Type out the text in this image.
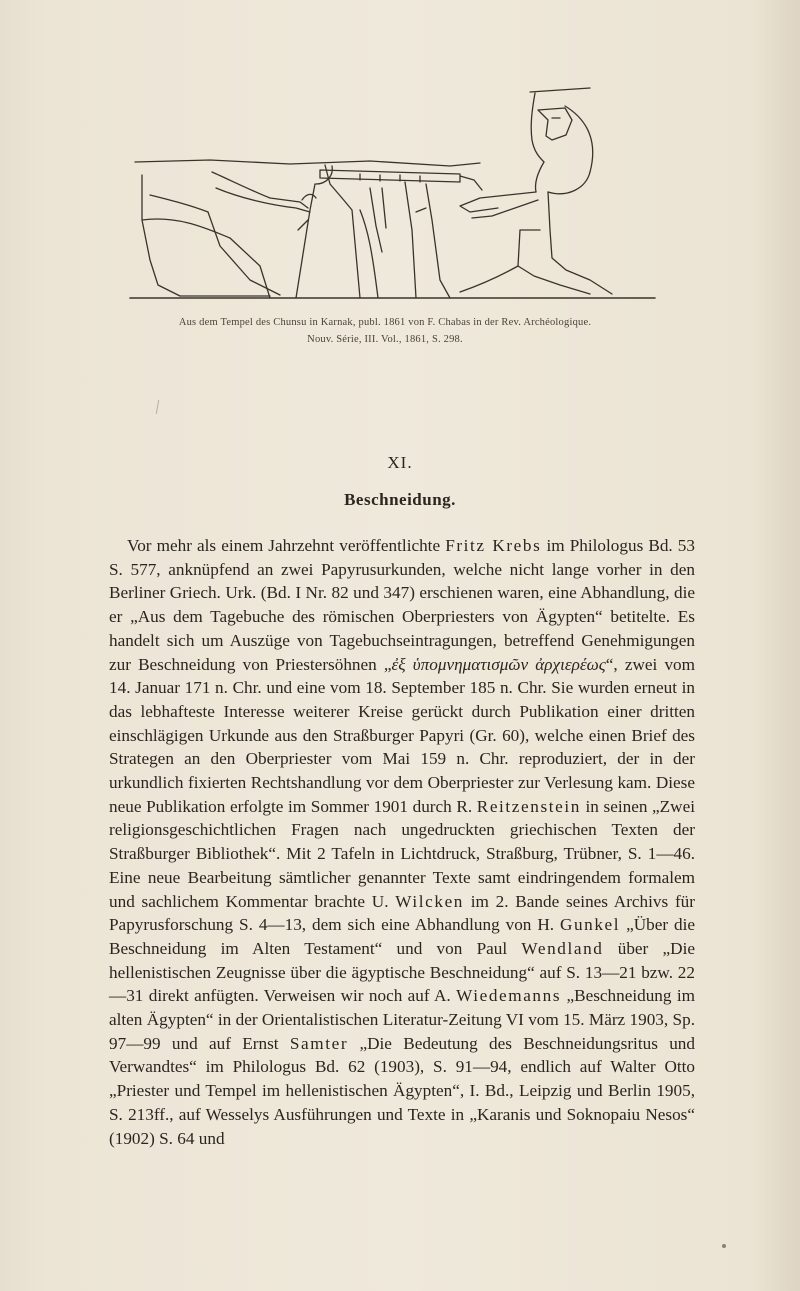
Aus dem Tempel des Chunsu in Karnak, publ. 1861 von F. Chabas in der Rev. Archéologique.
Nouv. Série, III. Vol., 1861, S. 298.
XI.
Beschneidung.

Vor mehr als einem Jahrzehnt veröffentlichte Fritz Krebs im Philologus Bd. 53 S. 577, anknüpfend an zwei Papyrusurkunden, welche nicht lange vorher in den Berliner Griech. Urk. (Bd. I Nr. 82 und 347) erschienen waren, eine Abhandlung, die er „Aus dem Tagebuche des römischen Oberpriesters von Ägypten“ betitelte. Es handelt sich um Auszüge von Tagebuchseintragungen, betreffend Genehmigungen zur Beschneidung von Priestersöhnen „ἐξ ὑπομνηματισμῶν ἀρχιερέως“, zwei vom 14. Januar 171 n. Chr. und eine vom 18. September 185 n. Chr. Sie wurden erneut in das lebhafteste Interesse weiterer Kreise gerückt durch Publikation einer dritten einschlägigen Urkunde aus den Straßburger Papyri (Gr. 60), welche einen Brief des Strategen an den Oberpriester vom Mai 159 n. Chr. reproduziert, der in der urkundlich fixierten Rechtshandlung vor dem Oberpriester zur Verlesung kam. Diese neue Publikation erfolgte im Sommer 1901 durch R. Reitzenstein in seinen „Zwei religionsgeschichtlichen Fragen nach ungedruckten griechischen Texten der Straßburger Bibliothek“. Mit 2 Tafeln in Lichtdruck, Straßburg, Trübner, S. 1—46. Eine neue Bearbeitung sämtlicher genannter Texte samt eindringendem formalem und sachlichem Kommentar brachte U. Wilcken im 2. Bande seines Archivs für Papyrusforschung S. 4—13, dem sich eine Abhandlung von H. Gunkel „Über die Beschneidung im Alten Testament“ und von Paul Wendland über „Die hellenistischen Zeugnisse über die ägyptische Beschneidung“ auf S. 13—21 bzw. 22—31 direkt anfügten. Verweisen wir noch auf A. Wiedemanns „Beschneidung im alten Ägypten“ in der Orientalistischen Literatur-Zeitung VI vom 15. März 1903, Sp. 97—99 und auf Ernst Samter „Die Bedeutung des Beschneidungsritus und Verwandtes“ im Philologus Bd. 62 (1903), S. 91—94, endlich auf Walter Otto „Priester und Tempel im hellenistischen Ägypten“, I. Bd., Leipzig und Berlin 1905, S. 213ff., auf Wesselys Ausführungen und Texte in „Karanis und Soknopaiu Nesos“ (1902) S. 64 und
